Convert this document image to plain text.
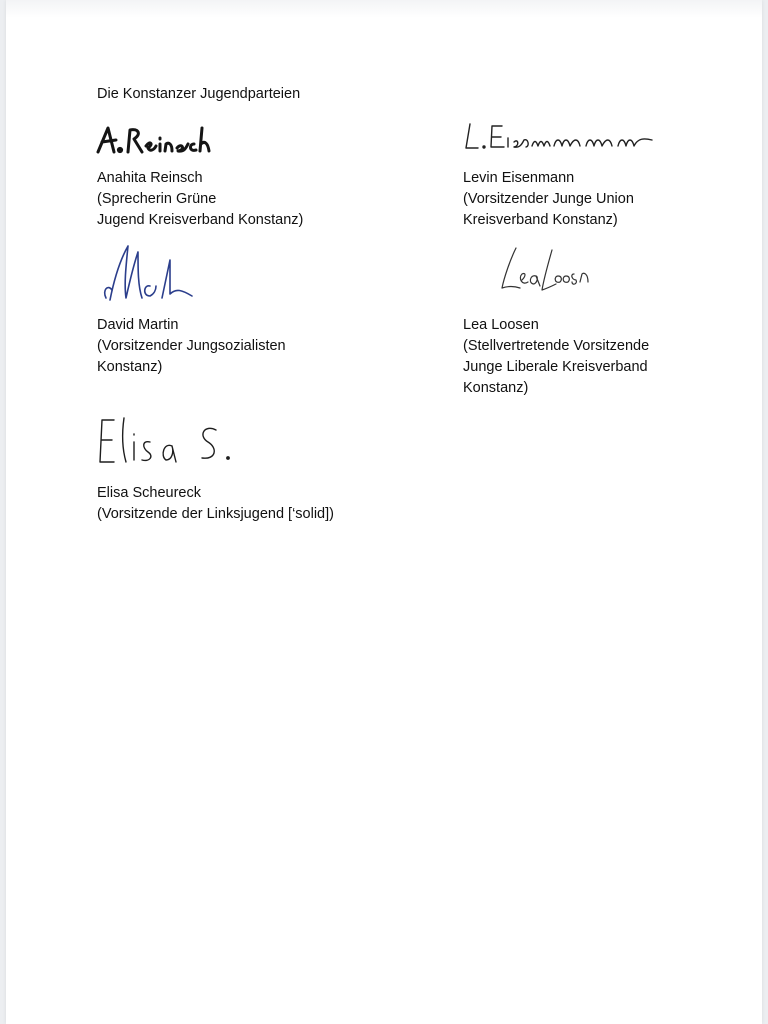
Die Konstanzer Jugendparteien
Anahita Reinsch
(Sprecherin Grüne
Jugend Kreisverband Konstanz)
Levin Eisenmann
(Vorsitzender Junge Union
Kreisverband Konstanz)
David Martin
(Vorsitzender Jungsozialisten
Konstanz)
Lea Loosen
(Stellvertretende Vorsitzende
Junge Liberale Kreisverband
Konstanz)
Elisa Scheureck
(Vorsitzende der Linksjugend [‘solid])
